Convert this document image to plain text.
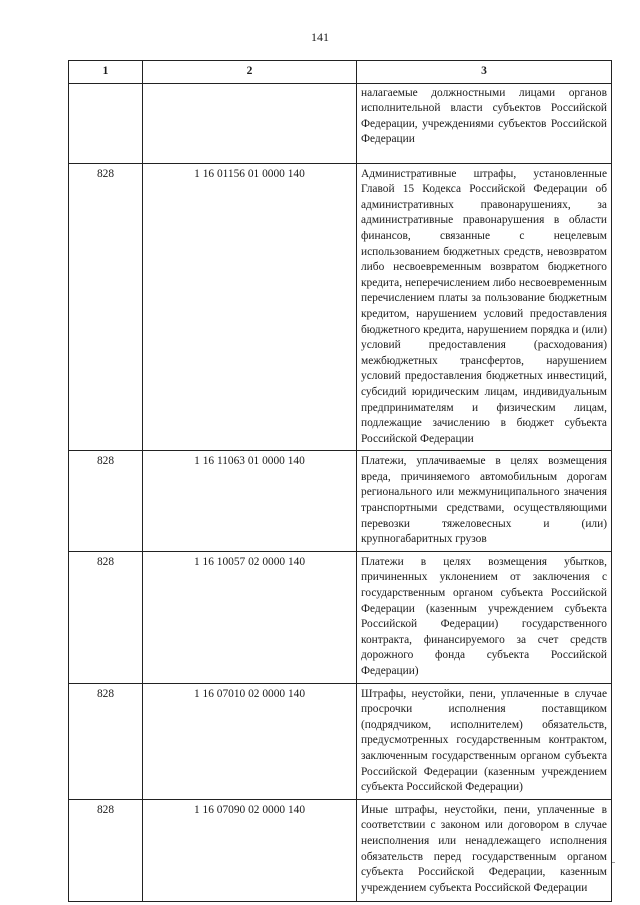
141
1	2	3
		налагаемые должностными лицами органов исполнительной власти субъектов Российской Федерации, учреждениями субъектов Российской Федерации
828	1 16 01156 01 0000 140	Административные штрафы, установленные Главой 15 Кодекса Российской Федерации об административных правонарушениях, за административные правонарушения в области финансов, связанные с нецелевым использованием бюджетных средств, невозвратом либо несвоевременным возвратом бюджетного кредита, неперечислением либо несвоевременным перечислением платы за пользование бюджетным кредитом, нарушением условий предоставления бюджетного кредита, нарушением порядка и (или) условий предоставления (расходования) межбюджетных трансфертов, нарушением условий предоставления бюджетных инвестиций, субсидий юридическим лицам, индивидуальным предпринимателям и физическим лицам, подлежащие зачислению в бюджет субъекта Российской Федерации
828	1 16 11063 01 0000 140	Платежи, уплачиваемые в целях возмещения вреда, причиняемого автомобильным дорогам регионального или межмуниципального значения транспортными средствами, осуществляющими перевозки тяжеловесных и (или) крупногабаритных грузов
828	1 16 10057 02 0000 140	Платежи в целях возмещения убытков, причиненных уклонением от заключения с государственным органом субъекта Российской Федерации (казенным учреждением субъекта Российской Федерации) государственного контракта, финансируемого за счет средств дорожного фонда субъекта Российской Федерации)
828	1 16 07010 02 0000 140	Штрафы, неустойки, пени, уплаченные в случае просрочки исполнения поставщиком (подрядчиком, исполнителем) обязательств, предусмотренных государственным контрактом, заключенным государственным органом субъекта Российской Федерации (казенным учреждением субъекта Российской Федерации)
828	1 16 07090 02 0000 140	Иные штрафы, неустойки, пени, уплаченные в соответствии с законом или договором в случае неисполнения или ненадлежащего исполнения обязательств перед государственным органом субъекта Российской Федерации, казенным учреждением субъекта Российской Федерации
